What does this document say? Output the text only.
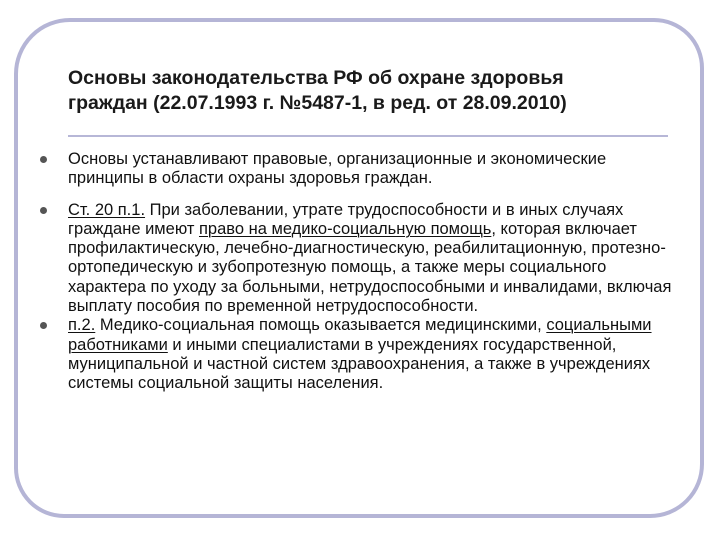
Основы законодательства РФ об охране здоровья
граждан (22.07.1993 г. №5487-1, в ред. от 28.09.2010)
Основы устанавливают правовые, организационные и экономические принципы в области охраны здоровья граждан.
Ст. 20 п.1. При заболевании, утрате трудоспособности и в иных случаях граждане имеют право на медико-социальную помощь, которая включает профилактическую, лечебно-диагностическую, реабилитационную, протезно-ортопедическую и зубопротезную помощь, а также меры социального характера по уходу за больными, нетрудоспособными и инвалидами, включая выплату пособия по временной нетрудоспособности.
п.2. Медико-социальная помощь оказывается медицинскими, социальными работниками и иными специалистами в учреждениях государственной, муниципальной и частной систем здравоохранения, а также в учреждениях системы социальной защиты населения.
